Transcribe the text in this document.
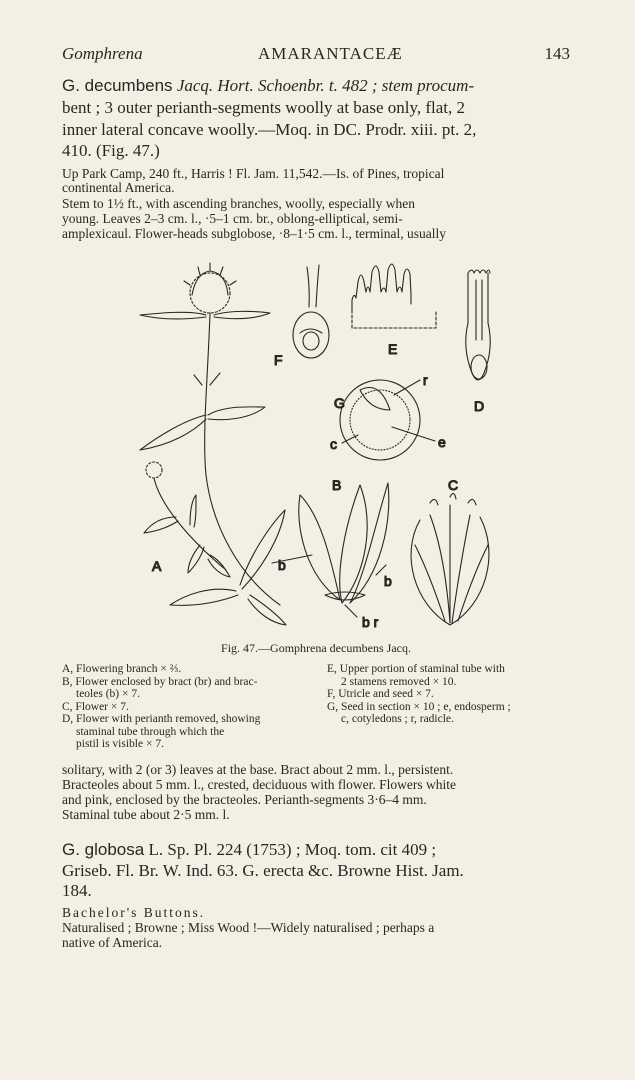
Gomphrena	AMARANTACEÆ	143
G. decumbens Jacq. Hort. Schoenbr. t. 482 ; stem procum-
bent ; 3 outer perianth-segments woolly at base only, flat, 2
inner lateral concave woolly.—Moq. in DC. Prodr. xiii. pt. 2,
410. (Fig. 47.)
Up Park Camp, 240 ft., Harris ! Fl. Jam. 11,542.—Is. of Pines, tropical
continental America.
Stem to 1½ ft., with ascending branches, woolly, especially when
young. Leaves 2–3 cm. l., ·5–1 cm. br., oblong-elliptical, semi-
amplexicaul. Flower-heads subglobose, ·8–1·5 cm. l., terminal, usually
A
B	C
D
E
F
G
b
b
b r
r
c	e
Fig. 47.—Gomphrena decumbens Jacq.
A, Flowering branch × ⅔.
B, Flower enclosed by bract (br) and brac-
teoles (b) × 7.
C, Flower × 7.
D, Flower with perianth removed, showing
staminal tube through which the
pistil is visible × 7.
E, Upper portion of staminal tube with
2 stamens removed × 10.
F, Utricle and seed × 7.
G, Seed in section × 10 ; e, endosperm ;
c, cotyledons ; r, radicle.
solitary, with 2 (or 3) leaves at the base. Bract about 2 mm. l., persistent.
Bracteoles about 5 mm. l., crested, deciduous with flower. Flowers white
and pink, enclosed by the bracteoles. Perianth-segments 3·6–4 mm.
Staminal tube about 2·5 mm. l.
G. globosa L. Sp. Pl. 224 (1753) ; Moq. tom. cit 409 ;
Griseb. Fl. Br. W. Ind. 63. G. erecta &c. Browne Hist. Jam.
184.
Bachelor's Buttons.
Naturalised ; Browne ; Miss Wood !—Widely naturalised ; perhaps a
native of America.
